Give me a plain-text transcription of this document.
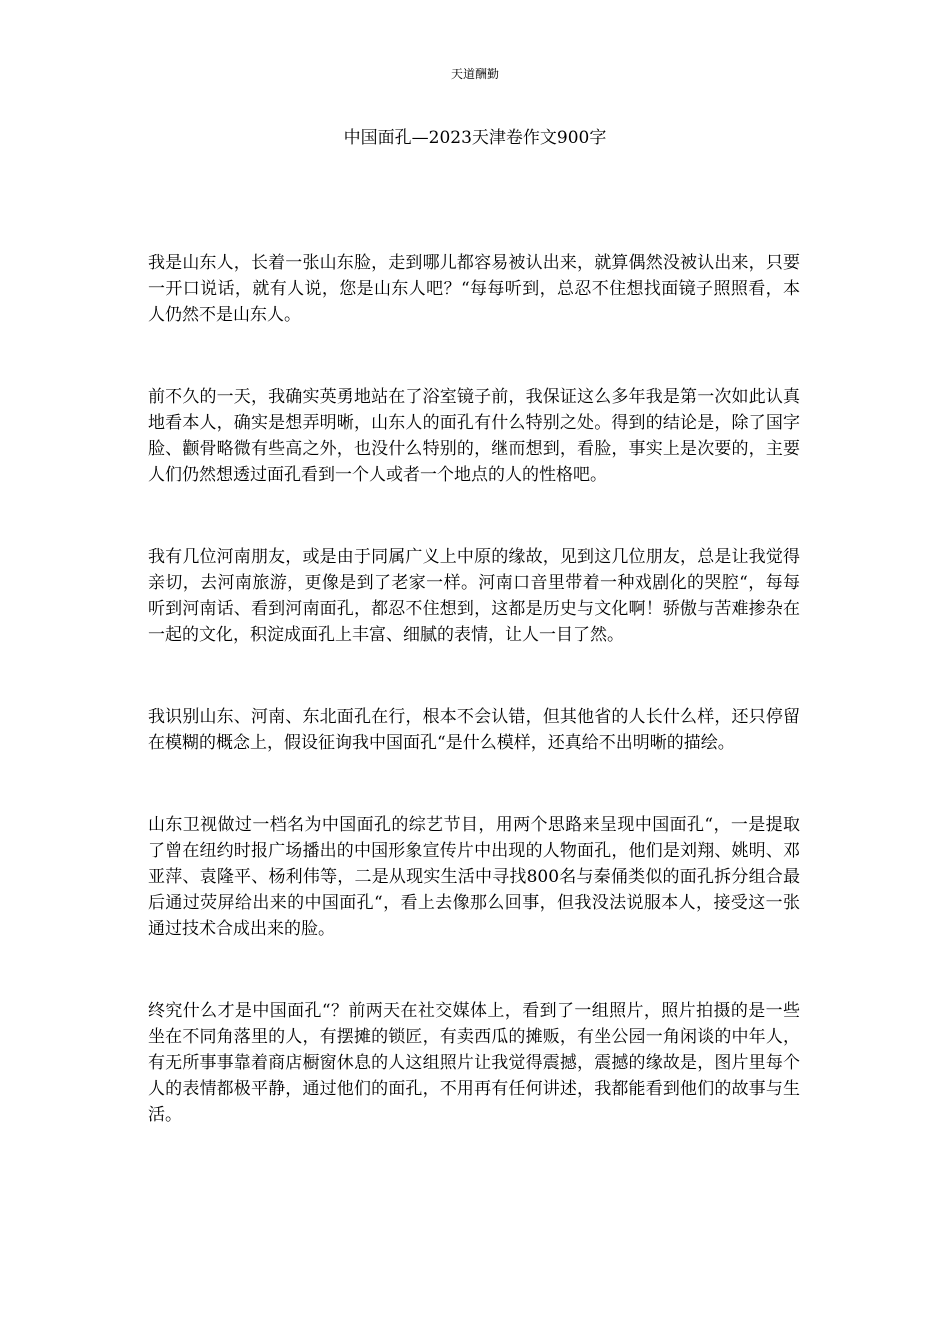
天道酬勤
中国面孔—2023天津卷作文900字

我是山东人，长着一张山东脸，走到哪儿都容易被认出来，就算偶然没被认出来，只要一开口说话，就有人说，您是山东人吧？“每每听到，总忍不住想找面镜子照照看，本人仍然不是山东人。

前不久的一天，我确实英勇地站在了浴室镜子前，我保证这么多年我是第一次如此认真地看本人，确实是想弄明晰，山东人的面孔有什么特别之处。得到的结论是，除了国字脸、颧骨略微有些高之外，也没什么特别的，继而想到，看脸，事实上是次要的，主要人们仍然想透过面孔看到一个人或者一个地点的人的性格吧。

我有几位河南朋友，或是由于同属广义上中原的缘故，见到这几位朋友，总是让我觉得亲切，去河南旅游，更像是到了老家一样。河南口音里带着一种戏剧化的哭腔“，每每听到河南话、看到河南面孔，都忍不住想到，这都是历史与文化啊！骄傲与苦难掺杂在一起的文化，积淀成面孔上丰富、细腻的表情，让人一目了然。

我识别山东、河南、东北面孔在行，根本不会认错，但其他省的人长什么样，还只停留在模糊的概念上，假设征询我中国面孔“是什么模样，还真给不出明晰的描绘。

山东卫视做过一档名为中国面孔的综艺节目，用两个思路来呈现中国面孔“，一是提取了曾在纽约时报广场播出的中国形象宣传片中出现的人物面孔，他们是刘翔、姚明、邓亚萍、袁隆平、杨利伟等，二是从现实生活中寻找800名与秦俑类似的面孔拆分组合最后通过荧屏给出来的中国面孔“，看上去像那么回事，但我没法说服本人，接受这一张通过技术合成出来的脸。

终究什么才是中国面孔“？前两天在社交媒体上，看到了一组照片，照片拍摄的是一些坐在不同角落里的人，有摆摊的锁匠，有卖西瓜的摊贩，有坐公园一角闲谈的中年人，有无所事事靠着商店橱窗休息的人这组照片让我觉得震撼，震撼的缘故是，图片里每个人的表情都极平静，通过他们的面孔，不用再有任何讲述，我都能看到他们的故事与生活。
